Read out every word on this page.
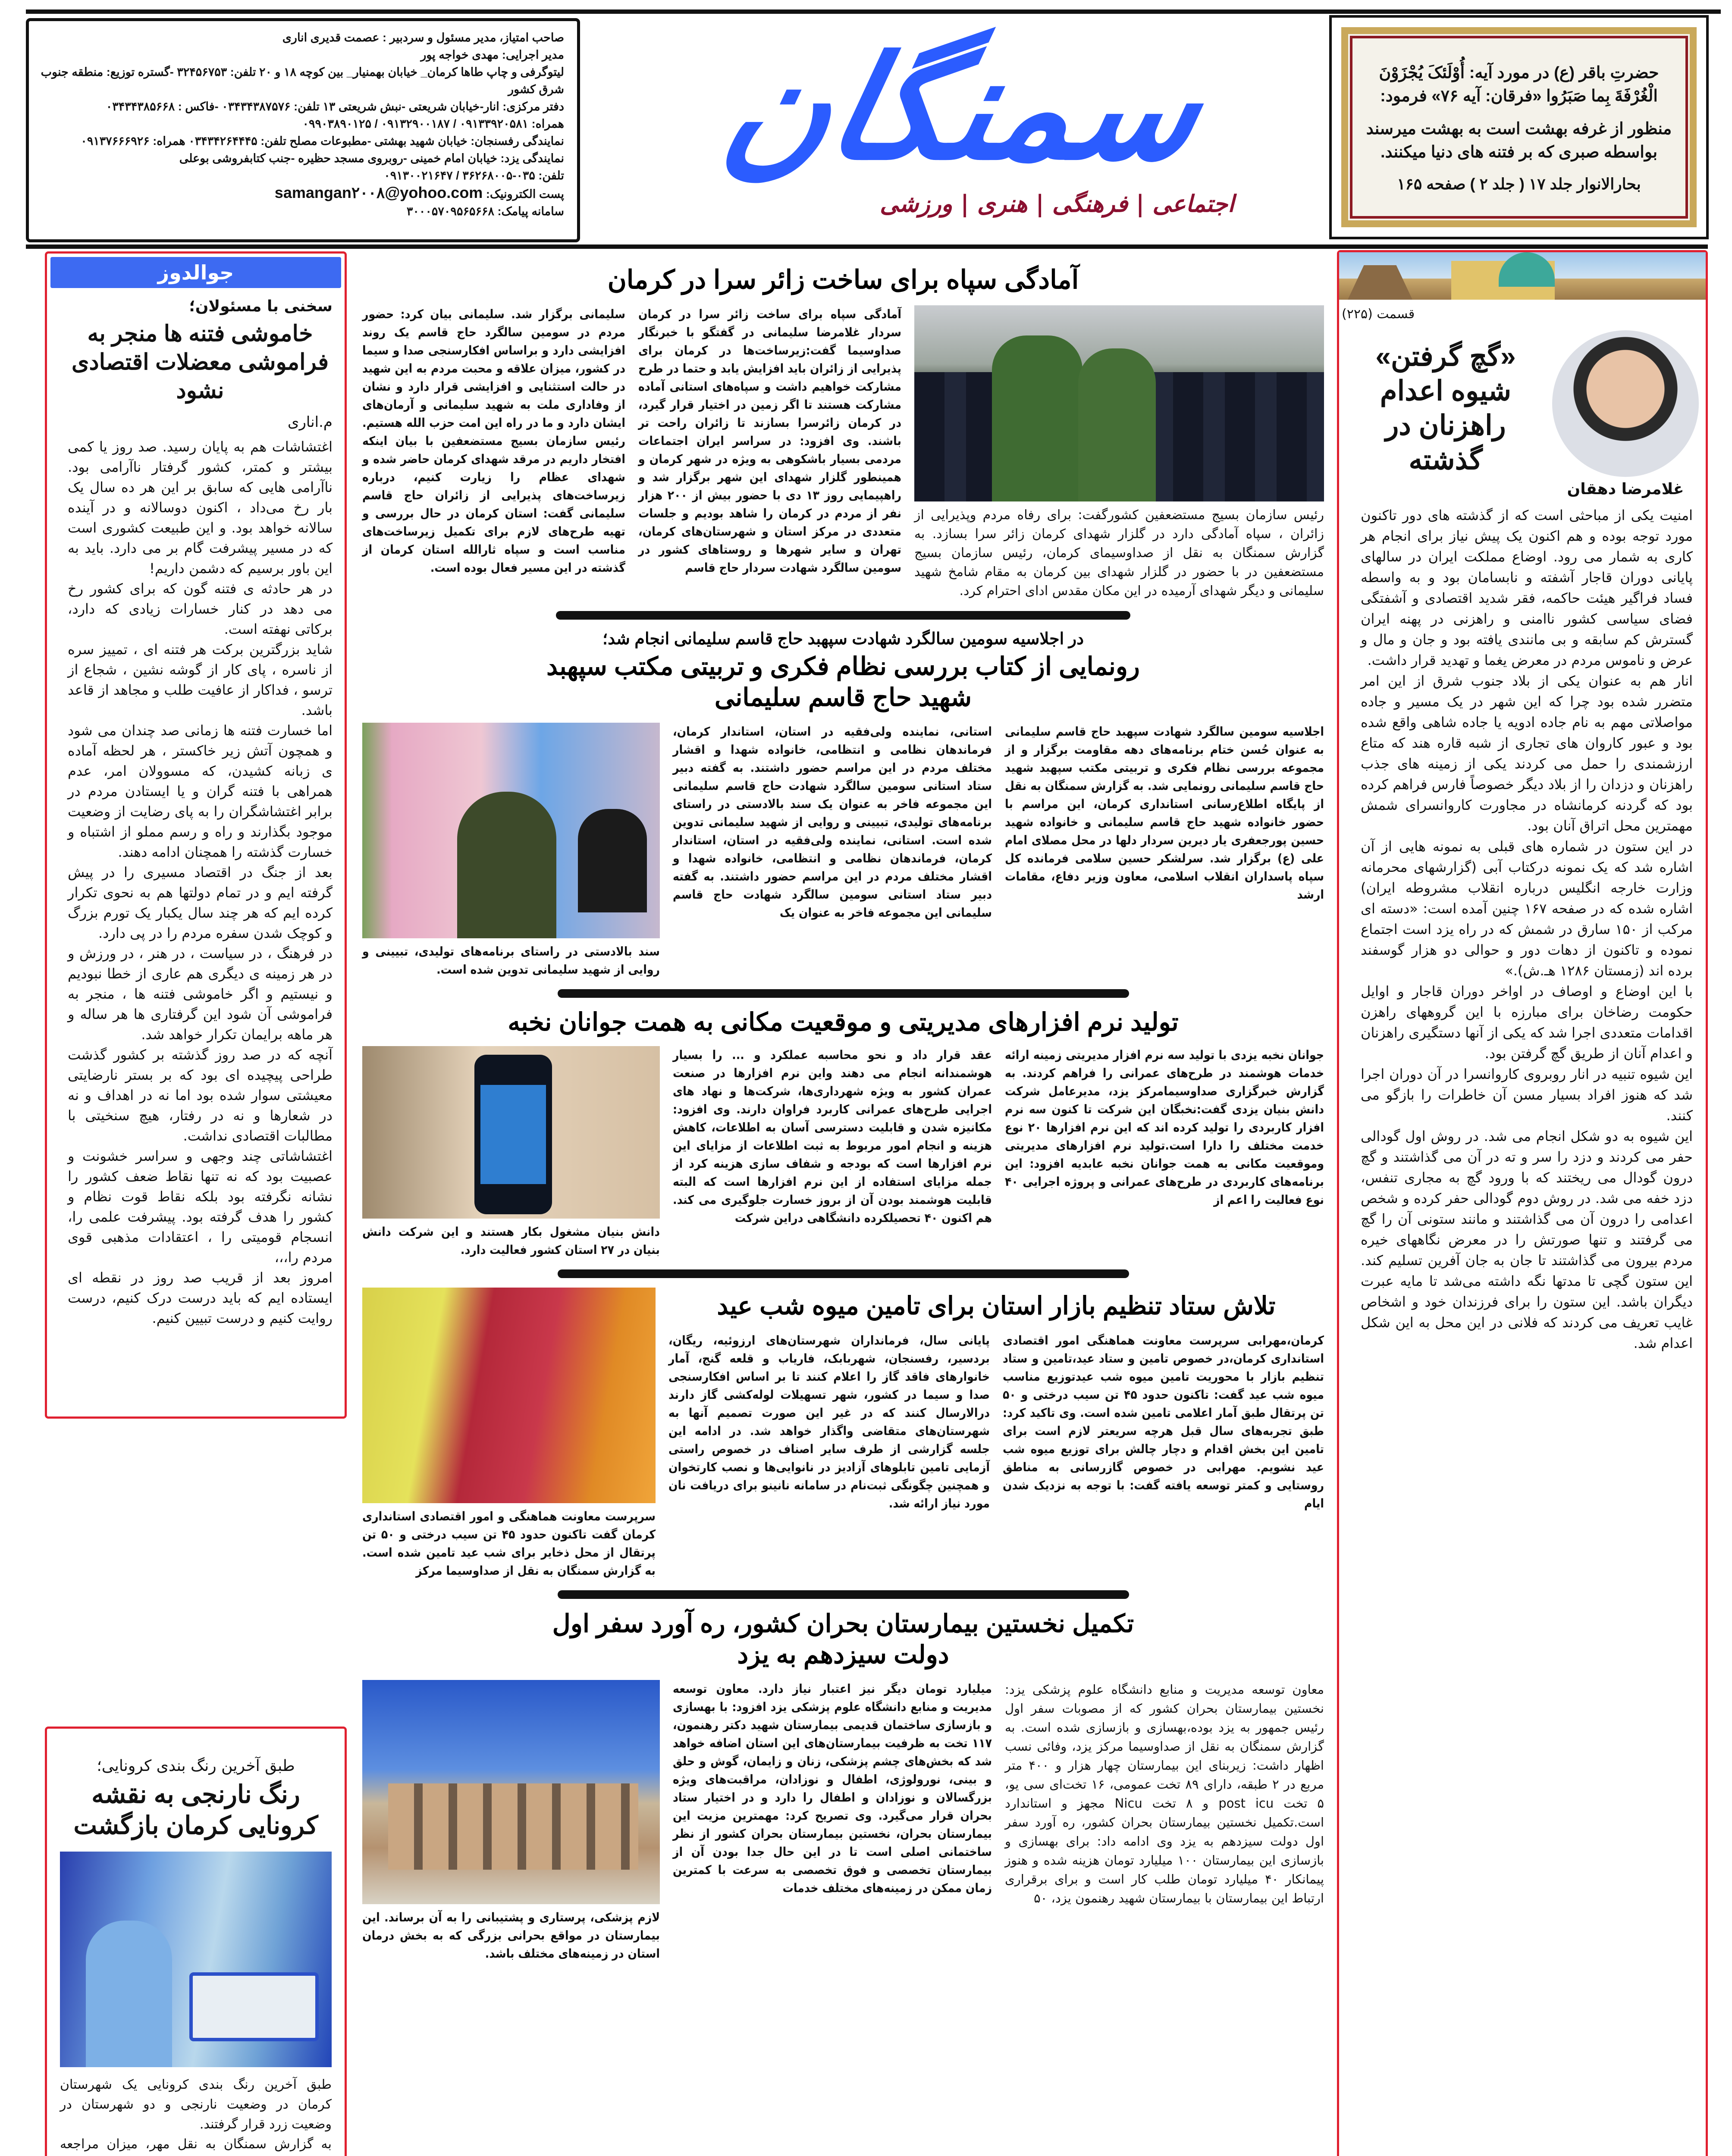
حضرتِ باقر (ع) در مورد آیه: أُوْلَئکَ یُجْزَوْنَ
الْغُرْفَةَ بِما صَبَرُوا «فرقان: آیه ۷۶» فرمود:
منظور از غرفه بهشت است به بهشت میرسند
بواسطه صبری که بر فتنه های دنیا میکنند.
بحارالانوار جلد ۱۷ ( جلد ۲ ) صفحه ۱۶۵
سمنگان
اجتماعی | فرهنگی | هنری | ورزشی
صاحب امتیاز، مدیر مسئول و سردبیر : عصمت قدیری اناری
مدیر اجرایی: مهدی خواجه پور
لیتوگرفی و چاپ طاها کرمان_ خیابان بهمنیار_ بین کوچه ۱۸ و ۲۰ تلفن: ۳۲۴۵۶۷۵۳ -گستره توزیع: منطقه جنوب شرق کشور
دفتر مرکزی: انار-خیابان شریعتی -نبش شریعتی ۱۳ تلفن: ۰۳۴۳۴۳۸۷۵۷۶ -فاکس : ۰۳۴۳۴۳۸۵۶۶۸
همراه: ۰۹۱۳۳۹۲۰۵۸۱ / ۰۹۱۳۲۹۰۰۱۸۷ / ۰۹۹۰۳۸۹۰۱۲۵
نمایندگی رفسنجان: خیابان شهید بهشتی -مطبوعات مصلح تلفن: ۰۳۴۳۴۲۶۴۴۴۵ همراه: ۰۹۱۳۷۶۶۶۹۲۶
نمایندگی یزد: خیابان امام خمینی -روبروی مسجد حظیره -جنب کتابفروشی بوعلی
تلفن: ۰۳۵-۳۶۲۶۸۰۰۵ / ۰۹۱۳۰۰۲۱۶۴۷
پست الکترونیک: samangan۲۰۰۸@yohoo.com
سامانه پیامک: ۳۰۰۰۵۷۰۹۵۶۵۶۶۸
جوالدوز
سخنی با مسئولان؛
خاموشی فتنه ها منجر به فراموشی معضلات اقتصادی نشود
م.اناری

اغتشاشات هم به پایان رسید. صد روز یا کمی بیشتر و کمتر، کشور گرفتار ناآرامی بود. ناآرامی هایی که سابق بر این هر ده سال یک بار رخ می‌داد ، اکنون دوسالانه و در آینده سالانه خواهد بود. و این طبیعت کشوری است که در مسیر پیشرفت گام بر می دارد. باید به این باور برسیم که دشمن داریم!

در هر حادثه ی فتنه گون که برای کشور رخ می دهد در کنار خسارات زیادی که دارد، برکاتی نهفته است.

شاید بزرگترین برکت هر فتنه ای ، تمییز سره از ناسره ، پای کار از گوشه نشین ، شجاع از ترسو ، فداکار از عافیت طلب و مجاهد از قاعد باشد.

اما خسارت فتنه ها زمانی صد چندان می شود و همچون آتش زیر خاکستر ، هر لحظه آماده ی زبانه کشیدن، که مسوولان امر، عدم همراهی با فتنه گران و یا ایستادن مردم در برابر اغتشاشگران را به پای رضایت از وضعیت موجود بگذارند و راه و رسم مملو از اشتباه و خسارت گذشته را همچنان ادامه دهند.

بعد از جنگ در اقتصاد مسیری را در پیش گرفته ایم و در تمام دولتها هم به نحوی تکرار کرده ایم که هر چند سال یکبار یک تورم بزرگ و کوچک شدن سفره مردم را در پی دارد.

در فرهنگ ، در سیاست ، در هنر ، در ورزش و در هر زمینه ی دیگری هم عاری از خطا نبودیم و نیستیم و اگر خاموشی فتنه ها ، منجر به فراموشی آن شود این گرفتاری ها هر ساله و هر ماهه برایمان تکرار خواهد شد.

آنچه که در صد روز گذشته بر کشور گذشت طراحی پیچیده ای بود که بر بستر نارضایتی معیشتی سوار شده بود اما نه در اهداف و نه در شعارها و نه در رفتار، هیچ سنخیتی با مطالبات اقتصادی نداشت.

اغتشاشاتی چند وجهی و سراسر خشونت و عصبیت بود که نه تنها نقاط ضعف کشور را نشانه نگرفته بود بلکه نقاط قوت نظام و کشور را هدف گرفته بود. پیشرفت علمی را، انسجام قومیتی را ، اعتقادات مذهبی قوی مردم را،،،

امروز بعد از قریب صد روز در نقطه ای ایستاده ایم که باید درست درک کنیم، درست روایت کنیم و درست تبیین کنیم.

طبق آخرین رنگ بندی کرونایی؛
رنگ نارنجی به نقشه کرونایی کرمان بازگشت

طبق آخرین رنگ بندی کرونایی یک شهرستان کرمان در وضعیت نارنجی و دو شهرستان در وضعیت زرد قرار گرفتند.

به گزارش سمنگان به نقل مهر، میزان مراجعه

آمادگی سپاه برای ساخت زائر سرا در کرمان
رئیس سازمان بسیج مستضعفین کشورگفت: برای رفاه مردم وپذیرایی از زائران ، سپاه آمادگی دارد در گلزار شهدای کرمان زائر سرا بسازد. به گزارش سمنگان به نقل از صداوسیمای کرمان، رئیس سازمان بسیج مستضعفین در با حضور در گلزار شهدای بین کرمان به مقام شامخ شهید سلیمانی و دیگر شهدای آرمیده در این مکان مقدس ادای احترام کرد.
آمادگی سپاه برای ساخت زائر سرا در کرمان سردار غلامرضا سلیمانی در گفتگو با خبرنگار صداوسیما گفت:زیرساخت‌ها در کرمان برای پذیرایی از زائران باید افزایش یابد و حتما در طرح مشارکت خواهیم داشت و سپاه‌های استانی آماده مشارکت هستند تا اگر زمین در اختیار قرار گیرد، در کرمان زائرسرا بسازند تا زائران راحت تر باشند. وی افزود: در سراسر ایران اجتماعات مردمی بسیار باشکوهی به ویژه در شهر کرمان و همینطور گلزار شهدای این شهر برگزار شد و راهپیمایی روز ۱۳ دی با حضور بیش از ۲۰۰ هزار نفر از مردم در کرمان را شاهد بودیم و جلسات متعددی در مرکز استان و شهرستان‌های کرمان، تهران و سایر شهرها و روستاهای کشور در سومین سالگرد شهادت سردار حاج قاسم
سلیمانی برگزار شد. سلیمانی بیان کرد: حضور مردم در سومین سالگرد حاج قاسم یک روند افزایشی دارد و براساس افکارسنجی صدا و سیما در کشور، میزان علاقه و محبت مردم به این شهید در حالت استثنایی و افزایشی قرار دارد و نشان از وفاداری ملت به شهید سلیمانی و آرمان‌های ایشان دارد و ما در راه این امت حزب الله هستیم. رئیس سازمان بسیج مستضعفین با بیان اینکه افتخار داریم در مرقد شهدای کرمان حاضر شده و شهدای عظام را زیارت کنیم، درباره زیرساخت‌های پذیرایی از زائران حاج قاسم سلیمانی گفت: استان کرمان در حال بررسی و تهیه طرح‌های لازم برای تکمیل زیرساخت‌های مناسب است و سپاه ثارالله استان کرمان از گذشته در این مسیر فعال بوده است.
در اجلاسیه سومین سالگرد شهادت سپهبد حاج قاسم سلیمانی انجام شد؛
رونمایی از کتاب بررسی نظام فکری و تربیتی مکتب سپهبد شهید حاج قاسم سلیمانی
اجلاسیه سومین سالگرد شهادت سپهبد حاج قاسم سلیمانی به عنوان حُسن ختام برنامه‌های دهه مقاومت برگزار و از مجموعه بررسی نظام فکری و تربیتی مکتب سپهبد شهید حاج قاسم سلیمانی رونمایی شد. به گزارش سمنگان به نقل از پایگاه اطلاع‌رسانی استانداری کرمان، این مراسم با حضور خانواده شهید حاج قاسم سلیمانی و خانواده شهید حسین پورجعفری یار دیرین سردار دلها در محل مصلای امام علی (ع) برگزار شد. سرلشکر حسین سلامی فرمانده کل سپاه پاسداران انقلاب اسلامی، معاون وزیر دفاع، مقامات ارشد
استانی، نماینده ولی‌فقیه در استان، استاندار کرمان، فرماندهان نظامی و انتظامی، خانواده شهدا و اقشار مختلف مردم در این مراسم حضور داشتند. به گفته دبیر ستاد استانی سومین سالگرد شهادت حاج قاسم سلیمانی این مجموعه فاخر به عنوان یک سند بالادستی در راستای برنامه‌های تولیدی، تبیینی و روایی از شهید سلیمانی تدوین شده است. استانی، نماینده ولی‌فقیه در استان، استاندار کرمان، فرماندهان نظامی و انتظامی، خانواده شهدا و اقشار مختلف مردم در این مراسم حضور داشتند. به گفته دبیر ستاد استانی سومین سالگرد شهادت حاج قاسم سلیمانی این مجموعه فاخر به عنوان یک
سند بالادستی در راستای برنامه‌های تولیدی، تبیینی و روایی از شهید سلیمانی تدوین شده است.
تولید نرم افزارهای مدیریتی و موقعیت مکانی به همت جوانان نخبه
جوانان نخبه یزدی با تولید سه نرم افزار مدیریتی زمینه ارائه خدمات هوشمند در طرح‌های عمرانی را فراهم کردند. به گزارش خبرگزاری صداوسیمامرکز یزد، مدیرعامل شرکت دانش بنیان یزدی گفت:نخبگان این شرکت تا کنون سه نرم افزار کاربردی را تولید کرده اند که این نرم افزارها ۲۰ نوع خدمت مختلف را دارا است.تولید نرم افزارهای مدیریتی وموقعیت مکانی به همت جوانان نخبه عابدیه افزود: این برنامه‌های کاربردی در طرح‌های عمرانی و پروژه اجرایی ۴۰ نوع فعالیت را اعم از
عقد قرار داد و نحو محاسبه عملکرد و ... را بسیار هوشمندانه انجام می دهند واین نرم افزارها در صنعت عمران کشور به ویژه شهرداری‌ها، شرکت‌ها و نهاد های اجرایی طرح‌های عمرانی کاربرد فراوان دارند. وی افزود: مکانیزه شدن و قابلیت دسترسی آسان به اطلاعات، کاهش هزینه و انجام امور مربوط به ثبت اطلاعات از مزایای این نرم افزارها است که بودجه و شفاف سازی هزینه کرد از جمله مزایای استفاده از این نرم افزارها است که البته قابلیت هوشمند بودن آن از بروز خسارت جلوگیری می کند. هم اکنون ۴۰ تحصیلکرده دانشگاهی دراین شرکت
دانش بنیان مشغول بکار هستند و این شرکت دانش بنیان در ۲۷ استان کشور فعالیت دارد.
تلاش ستاد تنظیم بازار استان برای تامین میوه شب عید
کرمان،مهرابی سرپرست معاونت هماهنگی امور اقتصادی استانداری کرمان،در خصوص تامین و ستاد عید،تامین و ستاد تنظیم بازار با محوریت تامین میوه شب عیدتوزیع مناسب میوه شب عید گفت: تاکنون حدود ۴۵ تن سیب درختی و ۵۰ تن پرتقال طبق آمار اعلامی تامین شده است. وی تاکید کرد: طبق تجربه‌های سال قبل هرچه سریعتر لازم است برای تامین این بخش اقدام و دچار چالش برای توزیع میوه شب عید نشویم. مهرابی در خصوص گازرسانی به مناطق روستایی و کمتر توسعه یافته گفت: با توجه به نزدیک شدن ایام
پایانی سال، فرمانداران شهرستان‌های ارزوئیه، ریگان، بردسیر، رفسنجان، شهربابک، فاریاب و قلعه گنج، آمار خانوارهای فاقد گاز را اعلام کنند تا بر اساس افکارسنجی صدا و سیما در کشور، شهر تسهیلات لوله‌کشی گاز دارند درالارسال کنند که در غیر این صورت تصمیم آنها به شهرستان‌های متقاضی واگذار خواهد شد. در ادامه این جلسه گزارشی از طرف سایر اصناف در خصوص راستی آزمایی تامین تابلوهای آزادیز در نانوایی‌ها و نصب کارتخوان و همچنین چگونگی ثبت‌نام در سامانه نانینو برای دریافت نان مورد نیاز ارائه شد.
سرپرست معاونت هماهنگی و امور اقتصادی استانداری کرمان گفت تاکنون حدود ۴۵ تن سیب درختی و ۵۰ تن پرتقال از محل ذخایر برای شب عید تامین شده است. به گزارش سمنگان به نقل از صداوسیما مرکز
تکمیل نخستین بیمارستان بحران کشور، ره آورد سفر اول دولت سیزدهم به یزد
معاون توسعه مدیریت و منابع دانشگاه علوم پزشکی یزد: نخستین بیمارستان بحران کشور که از مصوبات سفر اول رئیس جمهور به یزد بوده،بهسازی و بازسازی شده است. به گزارش سمنگان به نقل از صداوسیما مرکز یزد، وفائی نسب اظهار داشت: زیربنای این بیمارستان چهار هزار و ۴۰۰ متر مربع در ۲ طبقه، دارای ۸۹ تخت عمومی، ۱۶ تخت‌ای سی یو، ۵ تخت post icu و ۸ تخت Nicu مجهز و استاندارد است.تکمیل نخستین بیمارستان بحران کشور، ره آورد سفر اول دولت سیزدهم به یزد وی ادامه داد: برای بهسازی و بازسازی این بیمارستان ۱۰۰ میلیارد تومان هزینه شده و هنوز پیمانکار ۴۰ میلیارد تومان طلب کار است و برای برقراری ارتباط این بیمارستان با بیمارستان شهید رهنمون یزد، ۵۰
میلیارد تومان دیگر نیز اعتبار نیاز دارد. معاون توسعه مدیریت و منابع دانشگاه علوم پزشکی یزد افزود: با بهسازی و بازسازی ساختمان قدیمی بیمارستان شهید دکتر رهنمون، ۱۱۷ تخت به ظرفیت بیمارستان‌های این استان اضافه خواهد شد که بخش‌های چشم پزشکی، زنان و زایمان، گوش و حلق و بینی، نورولوژی، اطفال و نوزادان، مراقبت‌های ویژه بزرگسالان و نوزادان و اطفال را دارد و در اختیار ستاد بحران قرار می‌گیرد. وی تصریح کرد: مهمترین مزیت این بیمارستان بحران، نخستین بیمارستان بحران کشور از نظر ساختمانی اصلی است تا در این حال جدا بودن آن از بیمارستان تخصصی و فوق تخصصی به سرعت با کمترین زمان ممکن در زمینه‌های مختلف خدمات
لازم پزشکی، پرستاری و پشتیبانی را به آن برساند. این بیمارستان در مواقع بحرانی بزرگی که به بخش درمان استان در زمینه‌های مختلف باشد.
قسمت (۲۲۵)
غلامرضا دهقان
«گچ گرفتن» شیوه اعدام راهزنان در گذشته

امنیت یکی از مباحثی است که از گذشته های دور تاکنون مورد توجه بوده و هم اکنون یک پیش نیاز برای انجام هر کاری به شمار می رود. اوضاع مملکت ایران در سالهای پایانی دوران قاجار آشفته و نابسامان بود و به واسطه فساد فراگیر هیئت حاکمه، فقر شدید اقتصادی و آشفتگی فضای سیاسی کشور ناامنی و راهزنی در پهنه ایران گسترش کم سابقه و بی مانندی یافته بود و جان و مال و عرض و ناموس مردم در معرض یغما و تهدید قرار داشت.

انار هم به عنوان یکی از بلاد جنوب شرق از این امر متضرر شده بود چرا که این شهر در یک مسیر و جاده مواصلاتی مهم به نام جاده ادویه یا جاده شاهی واقع شده بود و عبور کاروان های تجاری از شبه قاره هند که متاع ارزشمندی را حمل می کردند یکی از زمینه های جذب راهزنان و دزدان را از بلاد دیگر خصوصاً فارس فراهم کرده بود که گردنه کرمانشاه در مجاورت کاروانسرای شمش مهمترین محل اتراق آنان بود.

در این ستون در شماره های قبلی به نمونه هایی از آن اشاره شد که یک نمونه درکتاب آبی (گزارشهای محرمانه وزارت خارجه انگلیس درباره انقلاب مشروطه ایران) اشاره شده که در صفحه ۱۶۷ چنین آمده است: «دسته ای مرکب از ۱۵۰ سارق در شمش که در راه یزد است اجتماع نموده و تاکنون از دهات دور و حوالی دو هزار گوسفند برده اند (زمستان ۱۲۸۶ هـ.ش).»

با این اوضاع و اوصاف در اواخر دوران قاجار و اوایل حکومت رضاخان برای مبارزه با این گروههای راهزن اقدامات متعددی اجرا شد که یکی از آنها دستگیری راهزنان و اعدام آنان از طریق گچ گرفتن بود.

این شیوه تنبیه در انار روبروی کاروانسرا در آن دوران اجرا شد که هنوز افراد بسیار مسن آن خاطرات را بازگو می کنند.

این شیوه به دو شکل انجام می شد. در روش اول گودالی حفر می کردند و دزد را سر و ته در آن می گذاشتند و گچ درون گودال می ریختند که با ورود گچ به مجاری تنفس، دزد خفه می شد. در روش دوم گودالی حفر کرده و شخص اعدامی را درون آن می گذاشتند و مانند ستونی آن را گچ می گرفتند و تنها صورتش را در معرض نگاههای خیره مردم بیرون می گذاشتند تا جان به جان آفرین تسلیم کند. این ستون گچی تا مدتها نگه داشته می‌شد تا مایه عبرت دیگران باشد. این ستون را برای فرزندان خود و اشخاص غایب تعریف می کردند که فلانی در این محل به این شکل اعدام شد.
